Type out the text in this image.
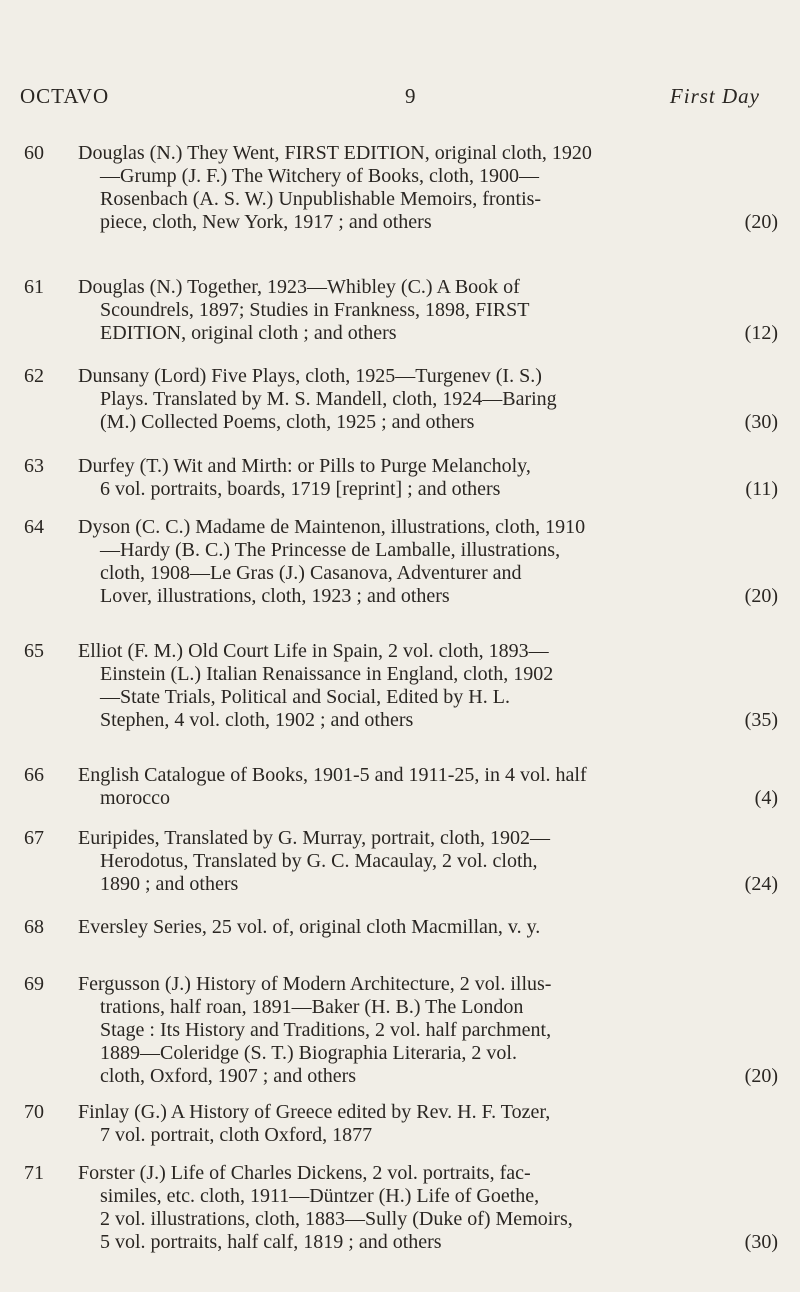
OCTAVO	9	First Day
60 Douglas (N.) They Went, FIRST EDITION, original cloth, 1920
—Grump (J. F.) The Witchery of Books, cloth, 1900—
Rosenbach (A. S. W.) Unpublishable Memoirs, frontis-
piece, cloth, New York, 1917 ; and others	(20)
61 Douglas (N.) Together, 1923—Whibley (C.) A Book of
Scoundrels, 1897; Studies in Frankness, 1898, FIRST
EDITION, original cloth ; and others	(12)
62 Dunsany (Lord) Five Plays, cloth, 1925—Turgenev (I. S.)
Plays. Translated by M. S. Mandell, cloth, 1924—Baring
(M.) Collected Poems, cloth, 1925 ; and others	(30)
63 Durfey (T.) Wit and Mirth: or Pills to Purge Melancholy,
6 vol. portraits, boards, 1719 [reprint] ; and others	(11)
64 Dyson (C. C.) Madame de Maintenon, illustrations, cloth, 1910
—Hardy (B. C.) The Princesse de Lamballe, illustrations,
cloth, 1908—Le Gras (J.) Casanova, Adventurer and
Lover, illustrations, cloth, 1923 ; and others	(20)
65 Elliot (F. M.) Old Court Life in Spain, 2 vol. cloth, 1893—
Einstein (L.) Italian Renaissance in England, cloth, 1902
—State Trials, Political and Social, Edited by H. L.
Stephen, 4 vol. cloth, 1902 ; and others	(35)
66 English Catalogue of Books, 1901-5 and 1911-25, in 4 vol. half
morocco	(4)
67 Euripides, Translated by G. Murray, portrait, cloth, 1902—
Herodotus, Translated by G. C. Macaulay, 2 vol. cloth,
1890 ; and others	(24)
68 Eversley Series, 25 vol. of, original cloth Macmillan, v. y.
69 Fergusson (J.) History of Modern Architecture, 2 vol. illus-
trations, half roan, 1891—Baker (H. B.) The London
Stage : Its History and Traditions, 2 vol. half parchment,
1889—Coleridge (S. T.) Biographia Literaria, 2 vol.
cloth, Oxford, 1907 ; and others	(20)
70 Finlay (G.) A History of Greece edited by Rev. H. F. Tozer,
7 vol. portrait, cloth Oxford, 1877
71 Forster (J.) Life of Charles Dickens, 2 vol. portraits, fac-
similes, etc. cloth, 1911—Düntzer (H.) Life of Goethe,
2 vol. illustrations, cloth, 1883—Sully (Duke of) Memoirs,
5 vol. portraits, half calf, 1819 ; and others	(30)
